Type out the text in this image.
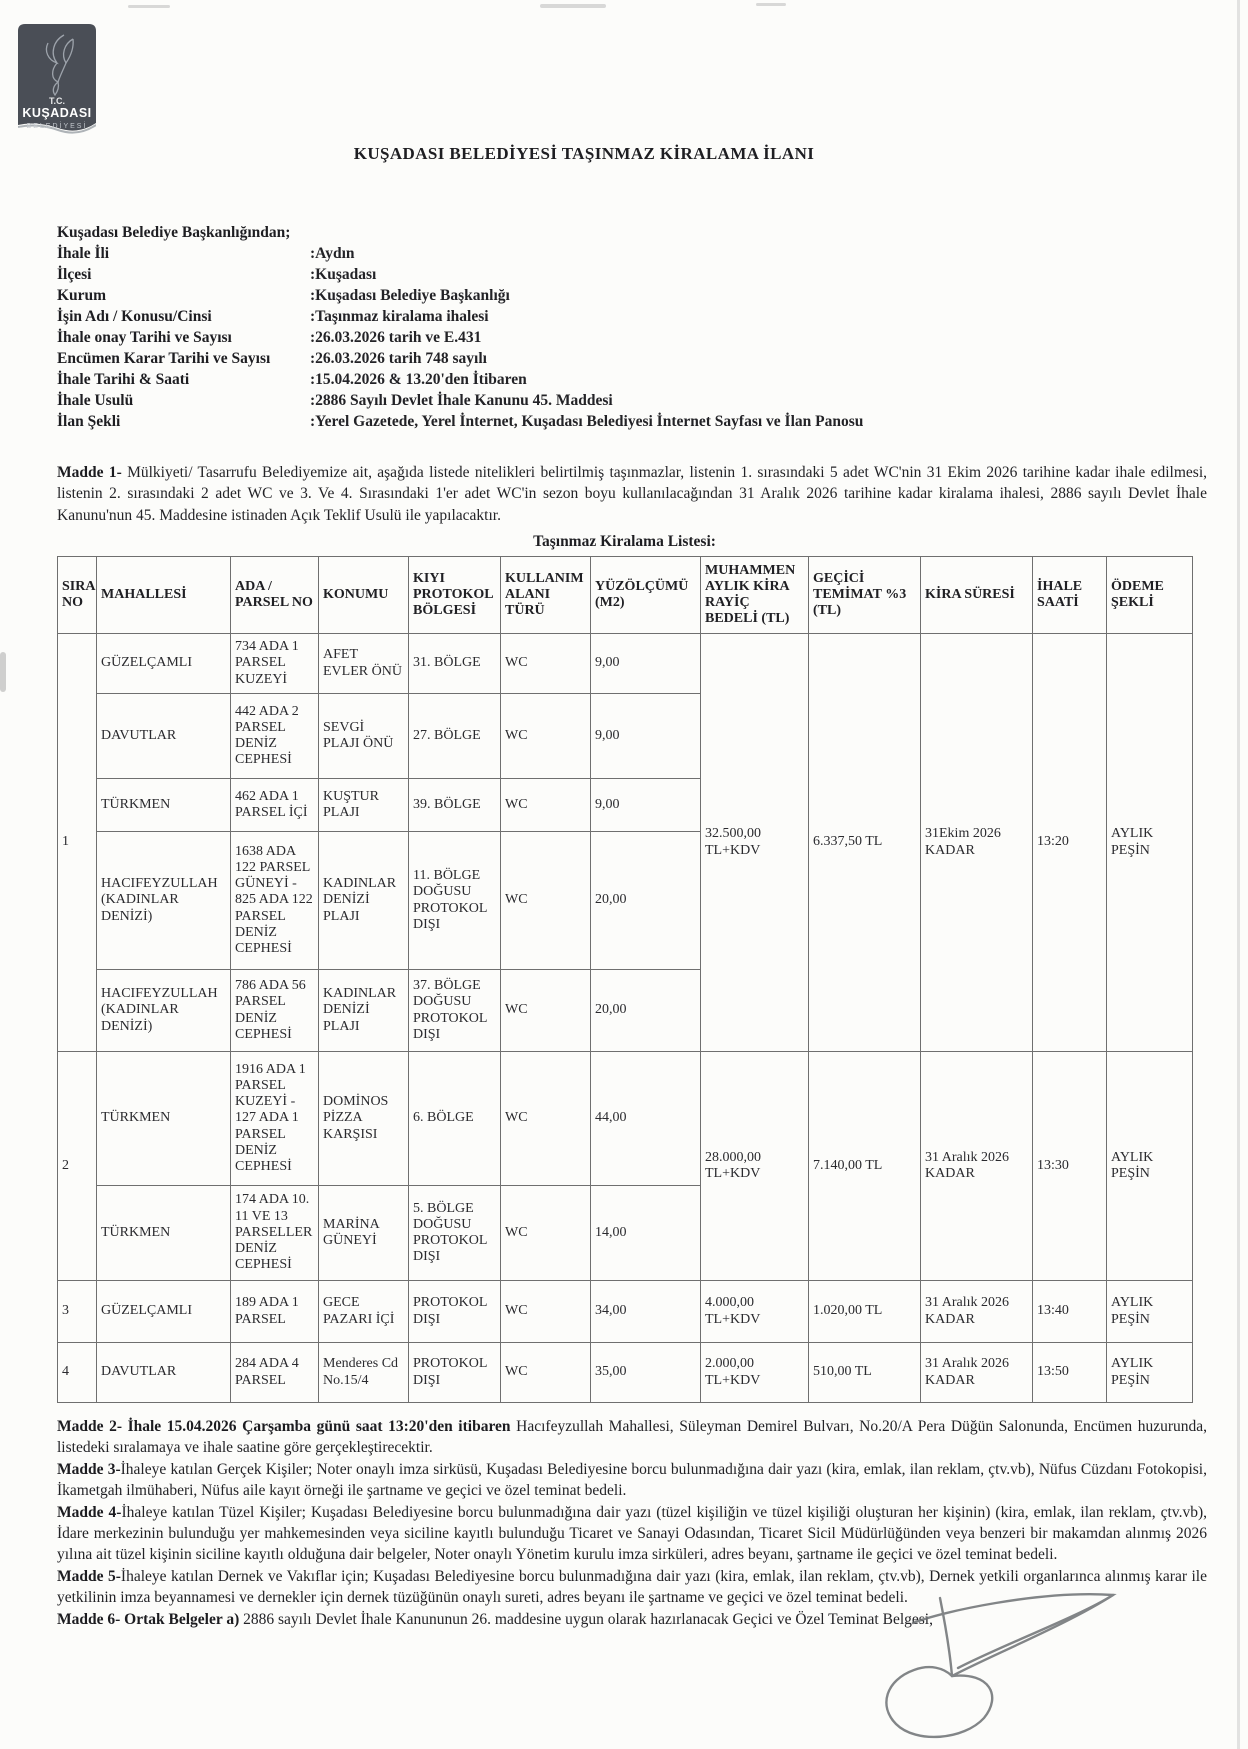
T.C.
KUŞADASI
BELEDİYESİ
KUŞADASI BELEDİYESİ TAŞINMAZ KİRALAMA İLANI
Kuşadası Belediye Başkanlığından;
İhale İli	:Aydın
İlçesi	:Kuşadası
Kurum	:Kuşadası Belediye Başkanlığı
İşin Adı / Konusu/Cinsi	:Taşınmaz kiralama ihalesi
İhale onay Tarihi ve Sayısı	:26.03.2026 tarih ve E.431
Encümen Karar Tarihi ve Sayısı	:26.03.2026 tarih 748 sayılı
İhale Tarihi & Saati	:15.04.2026 & 13.20'den İtibaren
İhale Usulü	:2886 Sayılı Devlet İhale Kanunu 45. Maddesi
İlan Şekli	:Yerel Gazetede, Yerel İnternet, Kuşadası Belediyesi İnternet Sayfası ve İlan Panosu

Madde 1- Mülkiyeti/ Tasarrufu Belediyemize ait, aşağıda listede nitelikleri belirtilmiş taşınmazlar, listenin 1. sırasındaki 5 adet WC'nin 31 Ekim 2026 tarihine kadar ihale edilmesi, listenin 2. sırasındaki 2 adet WC ve 3. Ve 4. Sırasındaki 1'er adet WC'in sezon boyu kullanılacağından 31 Aralık 2026 tarihine kadar kiralama ihalesi, 2886 sayılı Devlet İhale Kanunu'nun 45. Maddesine istinaden Açık Teklif Usulü ile yapılacaktır.

Taşınmaz Kiralama Listesi:
SIRA NO	MAHALLESİ	ADA / PARSEL NO	KONUMU	KIYI PROTOKOL BÖLGESİ	KULLANIM ALANI TÜRÜ	YÜZÖLÇÜMÜ (M2)	MUHAMMEN AYLIK KİRA RAYİÇ BEDELİ (TL)	GEÇİCİ TEMİMAT %3 (TL)	KİRA SÜRESİ	İHALE SAATİ	ÖDEME ŞEKLİ
1	GÜZELÇAMLI	734 ADA 1 PARSEL KUZEYİ	AFET EVLER ÖNÜ	31. BÖLGE	WC	9,00	32.500,00 TL+KDV	6.337,50 TL	31Ekim 2026 KADAR	13:20	AYLIK PEŞİN
	DAVUTLAR	442 ADA 2 PARSEL DENİZ CEPHESİ	SEVGİ PLAJI ÖNÜ	27. BÖLGE	WC	9,00					
	TÜRKMEN	462 ADA 1 PARSEL İÇİ	KUŞTUR PLAJI	39. BÖLGE	WC	9,00					
	HACIFEYZULLAH (KADINLAR DENİZİ)	1638 ADA 122 PARSEL GÜNEYİ - 825 ADA 122 PARSEL DENİZ CEPHESİ	KADINLAR DENİZİ PLAJI	11. BÖLGE DOĞUSU PROTOKOL DIŞI	WC	20,00					
	HACIFEYZULLAH (KADINLAR DENİZİ)	786 ADA 56 PARSEL DENİZ CEPHESİ	KADINLAR DENİZİ PLAJI	37. BÖLGE DOĞUSU PROTOKOL DIŞI	WC	20,00					
2	TÜRKMEN	1916 ADA 1 PARSEL KUZEYİ - 127 ADA 1 PARSEL DENİZ CEPHESİ	DOMİNOS PİZZA KARŞISI	6. BÖLGE	WC	44,00	28.000,00 TL+KDV	7.140,00 TL	31 Aralık 2026 KADAR	13:30	AYLIK PEŞİN
	TÜRKMEN	174 ADA 10. 11 VE 13 PARSELLER DENİZ CEPHESİ	MARİNA GÜNEYİ	5. BÖLGE DOĞUSU PROTOKOL DIŞI	WC	14,00					
3	GÜZELÇAMLI	189 ADA 1 PARSEL	GECE PAZARI İÇİ	PROTOKOL DIŞI	WC	34,00	4.000,00 TL+KDV	1.020,00 TL	31 Aralık 2026 KADAR	13:40	AYLIK PEŞİN
4	DAVUTLAR	284 ADA 4 PARSEL	Menderes Cd No.15/4	PROTOKOL DIŞI	WC	35,00	2.000,00 TL+KDV	510,00 TL	31 Aralık 2026 KADAR	13:50	AYLIK PEŞİN

Madde 2- İhale 15.04.2026 Çarşamba günü saat 13:20'den itibaren Hacıfeyzullah Mahallesi, Süleyman Demirel Bulvarı, No.20/A Pera Düğün Salonunda, Encümen huzurunda, listedeki sıralamaya ve ihale saatine göre gerçekleştirecektir.

Madde 3-İhaleye katılan Gerçek Kişiler; Noter onaylı imza sirküsü, Kuşadası Belediyesine borcu bulunmadığına dair yazı (kira, emlak, ilan reklam, çtv.vb), Nüfus Cüzdanı Fotokopisi, İkametgah ilmühaberi, Nüfus aile kayıt örneği ile şartname ve geçici ve özel teminat bedeli.

Madde 4-İhaleye katılan Tüzel Kişiler; Kuşadası Belediyesine borcu bulunmadığına dair yazı (tüzel kişiliğin ve tüzel kişiliği oluşturan her kişinin) (kira, emlak, ilan reklam, çtv.vb), İdare merkezinin bulunduğu yer mahkemesinden veya siciline kayıtlı bulunduğu Ticaret ve Sanayi Odasından, Ticaret Sicil Müdürlüğünden veya benzeri bir makamdan alınmış 2026 yılına ait tüzel kişinin siciline kayıtlı olduğuna dair belgeler, Noter onaylı Yönetim kurulu imza sirküleri, adres beyanı, şartname ile geçici ve özel teminat bedeli.

Madde 5-İhaleye katılan Dernek ve Vakıflar için; Kuşadası Belediyesine borcu bulunmadığına dair yazı (kira, emlak, ilan reklam, çtv.vb), Dernek yetkili organlarınca alınmış karar ile yetkilinin imza beyannamesi ve dernekler için dernek tüzüğünün onaylı sureti, adres beyanı ile şartname ve geçici ve özel teminat bedeli.

Madde 6- Ortak Belgeler a) 2886 sayılı Devlet İhale Kanununun 26. maddesine uygun olarak hazırlanacak Geçici ve Özel Teminat Belgesi,
